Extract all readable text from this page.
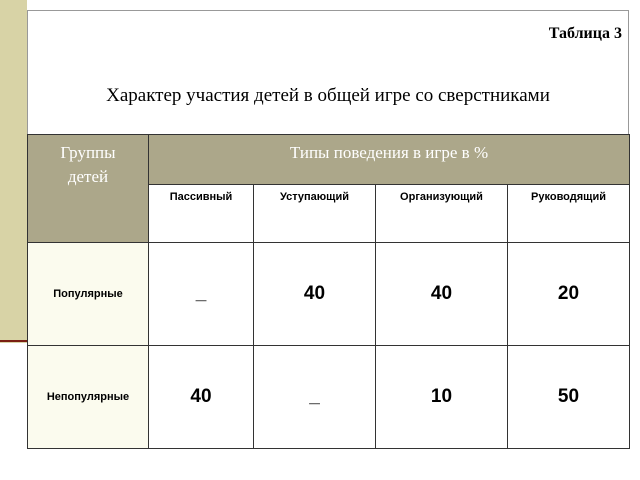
Таблица 3
Характер участия детей в общей игре со сверстниками
Группы
детей	Типы поведения в игре в %			
	Пассивный	Уступающий	Организующий	Руководящий
Популярные	_	40	40	20
Непопулярные	40	_	10	50
